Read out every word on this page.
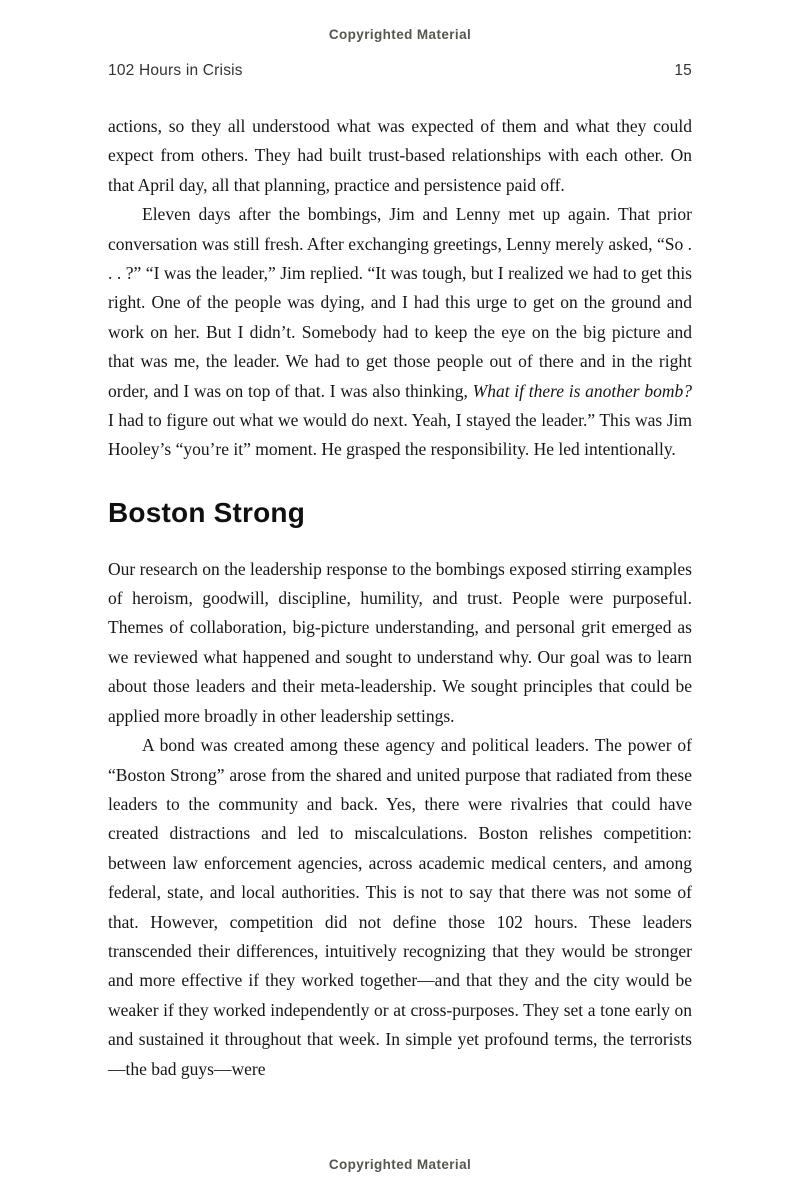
Copyrighted Material
102 Hours in Crisis	15

actions, so they all understood what was expected of them and what they could expect from others. They had built trust-based relationships with each other. On that April day, all that planning, practice and persistence paid off.

Eleven days after the bombings, Jim and Lenny met up again. That prior conversation was still fresh. After exchanging greetings, Lenny merely asked, “So . . . ?” “I was the leader,” Jim replied. “It was tough, but I realized we had to get this right. One of the people was dying, and I had this urge to get on the ground and work on her. But I didn’t. Somebody had to keep the eye on the big picture and that was me, the leader. We had to get those people out of there and in the right order, and I was on top of that. I was also thinking, What if there is another bomb? I had to figure out what we would do next. Yeah, I stayed the leader.” This was Jim Hooley’s “you’re it” moment. He grasped the responsibility. He led intentionally.

Boston Strong

Our research on the leadership response to the bombings exposed stirring examples of heroism, goodwill, discipline, humility, and trust. People were purposeful. Themes of collaboration, big-picture understanding, and personal grit emerged as we reviewed what happened and sought to understand why. Our goal was to learn about those leaders and their meta-leadership. We sought principles that could be applied more broadly in other leadership settings.

A bond was created among these agency and political leaders. The power of “Boston Strong” arose from the shared and united purpose that radiated from these leaders to the community and back. Yes, there were rivalries that could have created distractions and led to miscalculations. Boston relishes competition: between law enforcement agencies, across academic medical centers, and among federal, state, and local authorities. This is not to say that there was not some of that. However, competition did not define those 102 hours. These leaders transcended their differences, intuitively recognizing that they would be stronger and more effective if they worked together—and that they and the city would be weaker if they worked independently or at cross-purposes. They set a tone early on and sustained it throughout that week. In simple yet profound terms, the terrorists—the bad guys—were

Copyrighted Material
